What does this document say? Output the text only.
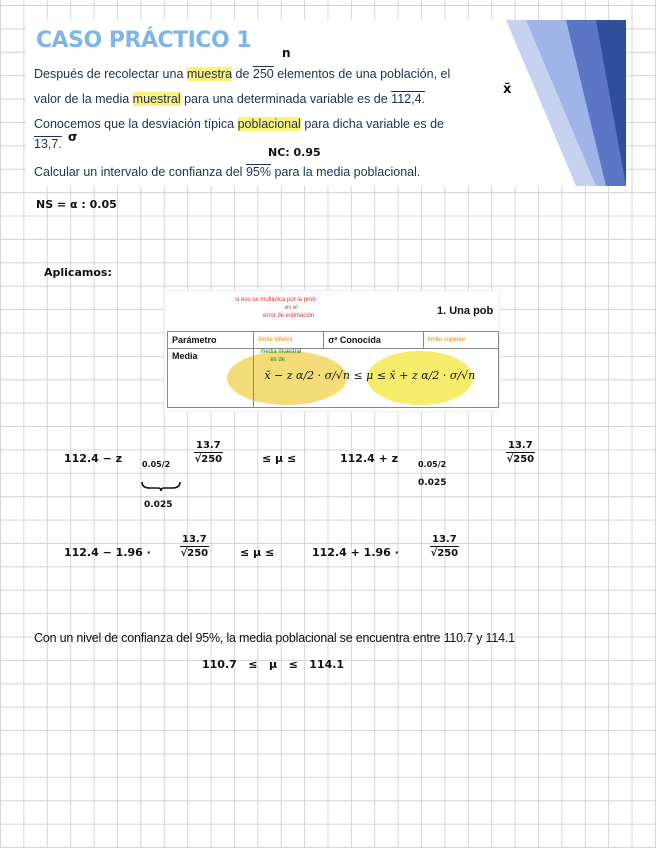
CASO PRÁCTICO 1
Después de recolectar una muestra de 250 elementos de una población, el
valor de la media muestral para una determinada variable es de 112,4.
Conocemos que la desviación típica poblacional para dicha variable es de
13,7.
Calcular un intervalo de confianza del 95% para la media poblacional.
n
x̄
σ
NC: 0.95
NS = α : 0.05
Aplicamos:
si eso se multiplica por la prob
es el
error de estimación	1. Una pob
Parámetro	límite inferior	σ² Conocida	límite superior
Media	media muestral
es de
x̄ − z α/2 · σ/√n ≤ μ ≤ x̄ + z α/2 · σ/√n		
112.4 − z $0.05/2 \frac{13.7}{√250}$	≤ μ ≤	112.4 + z 0.05/2	$\frac{13.7}{√250}$
0.025
0.025
112.4 − 1.96 ·	$\frac{13.7}{√250}$	≤ μ ≤	112.4 + 1.96 ·	$\frac{13.7}{√250}$
Con un nivel de confianza del 95%, la media poblacional se encuentra entre 110.7 y 114.1
110.7   ≤   μ   ≤   114.1
